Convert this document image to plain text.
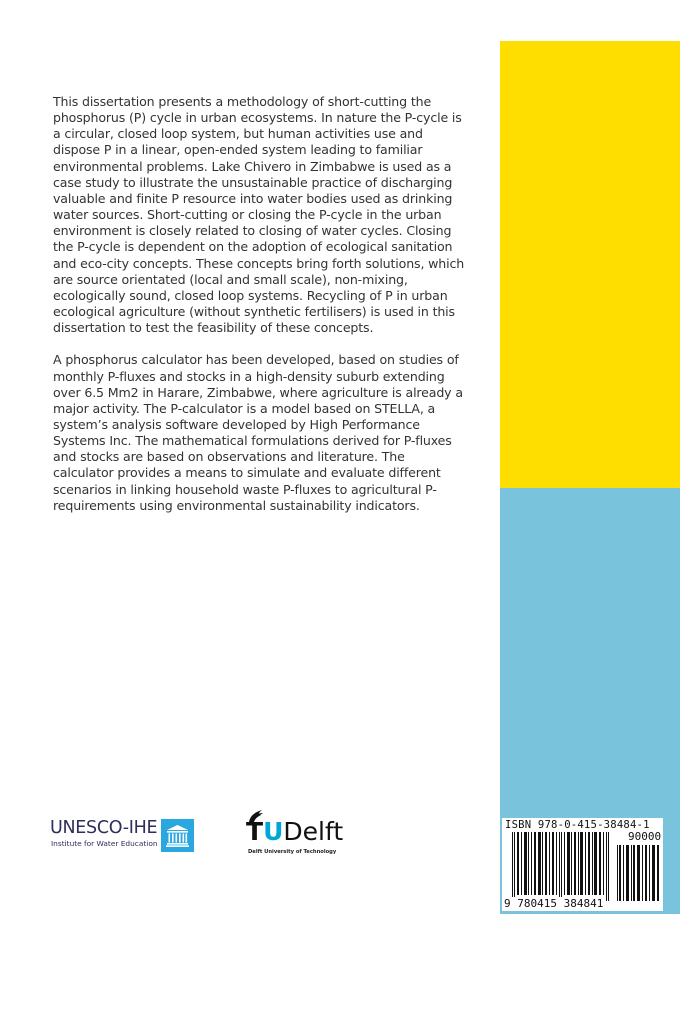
This dissertation presents a methodology of short-cutting the phosphorus (P) cycle in urban ecosystems. In nature the P-cycle is a circular, closed loop system, but human activities use and dispose P in a linear, open-ended system leading to familiar environmental problems. Lake Chivero in Zimbabwe is used as a case study to illustrate the unsustainable practice of discharging valuable and finite P resource into water bodies used as drinking water sources. Short-cutting or closing the P-cycle in the urban environment is closely related to closing of water cycles. Closing the P-cycle is dependent on the adoption of ecological sanitation and eco-city concepts. These concepts bring forth solutions, which are source orientated (local and small scale), non-mixing, ecologically sound, closed loop systems. Recycling of P in urban ecological agriculture (without synthetic fertilisers) is used in this dissertation to test the feasibility of these concepts.

A phosphorus calculator has been developed, based on studies of monthly P-fluxes and stocks in a high-density suburb extending over 6.5 Mm2 in Harare, Zimbabwe, where agriculture is already a major activity. The P-calculator is a model based on STELLA, a system’s analysis software developed by High Performance Systems Inc. The mathematical formulations derived for P-fluxes and stocks are based on observations and literature. The calculator provides a means to simulate and evaluate different scenarios in linking household waste P-fluxes to agricultural P-requirements using environmental sustainability indicators.

UNESCO-IHE
Institute for Water Education	TUDelft
Delft University of Technology
ISBN 978-0-415-38484-1
90000
9 780415 384841
